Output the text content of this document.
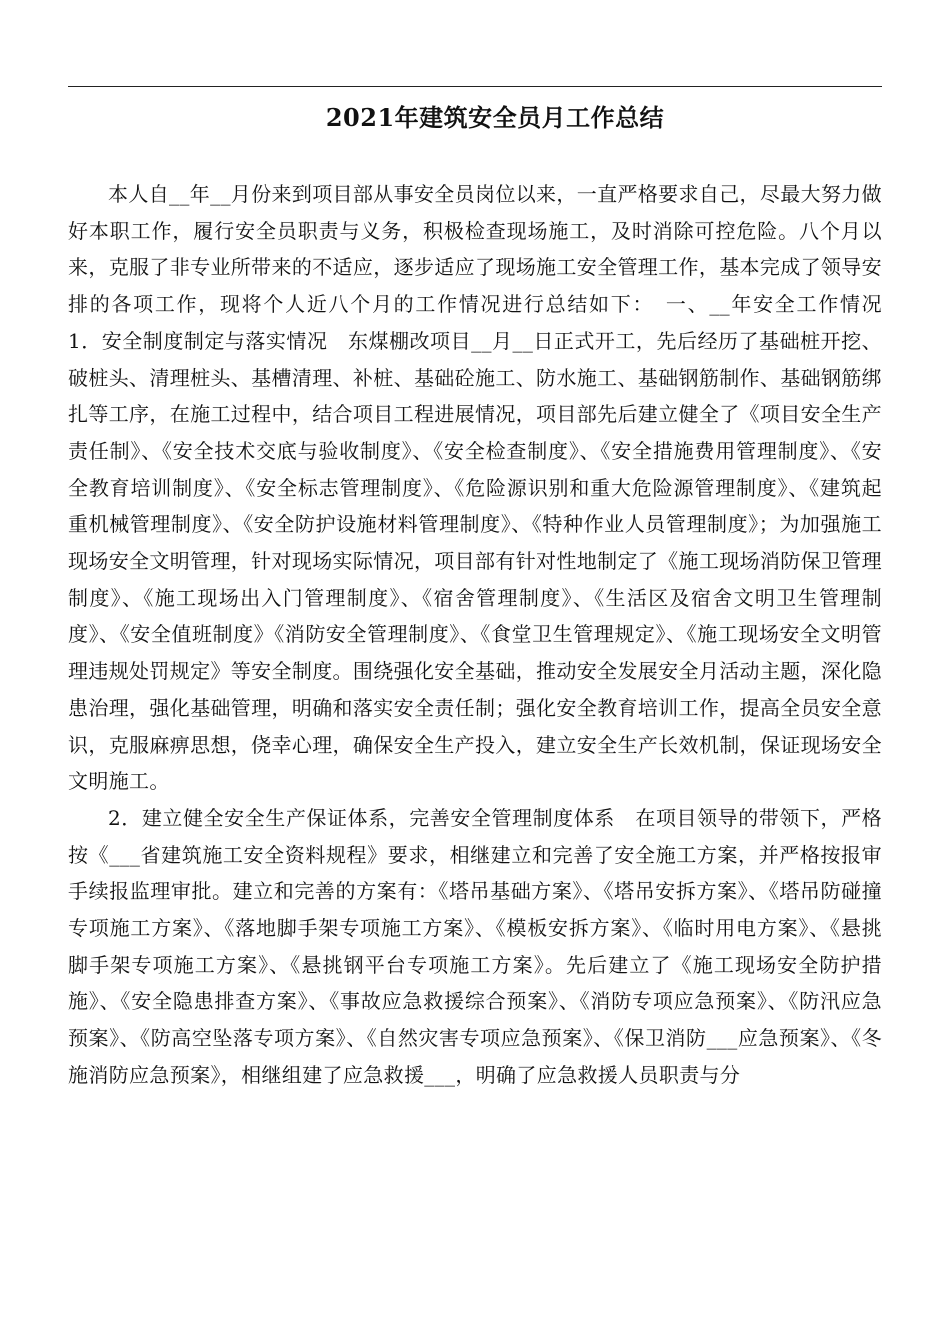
2021年建筑安全员月工作总结

本人自__年__月份来到项目部从事安全员岗位以来，一直严格要求自己，尽最大努力做好本职工作，履行安全员职责与义务，积极检查现场施工，及时消除可控危险。八个月以来，克服了非专业所带来的不适应，逐步适应了现场施工安全管理工作，基本完成了领导安排的各项工作，现将个人近八个月的工作情况进行总结如下：　一、__年安全工作情况　1．安全制度制定与落实情况　东煤棚改项目__月__日正式开工，先后经历了基础桩开挖、破桩头、清理桩头、基槽清理、补桩、基础砼施工、防水施工、基础钢筋制作、基础钢筋绑扎等工序，在施工过程中，结合项目工程进展情况，项目部先后建立健全了《项目安全生产责任制》、《安全技术交底与验收制度》、《安全检查制度》、《安全措施费用管理制度》、《安全教育培训制度》、《安全标志管理制度》、《危险源识别和重大危险源管理制度》、《建筑起重机械管理制度》、《安全防护设施材料管理制度》、《特种作业人员管理制度》；为加强施工现场安全文明管理，针对现场实际情况，项目部有针对性地制定了《施工现场消防保卫管理制度》、《施工现场出入门管理制度》、《宿舍管理制度》、《生活区及宿舍文明卫生管理制度》、《安全值班制度》《消防安全管理制度》、《食堂卫生管理规定》、《施工现场安全文明管理违规处罚规定》等安全制度。围绕强化安全基础，推动安全发展安全月活动主题，深化隐患治理，强化基础管理，明确和落实安全责任制；强化安全教育培训工作，提高全员安全意识，克服麻痹思想，侥幸心理，确保安全生产投入，建立安全生产长效机制，保证现场安全文明施工。

2．建立健全安全生产保证体系，完善安全管理制度体系　在项目领导的带领下，严格按《___省建筑施工安全资料规程》要求，相继建立和完善了安全施工方案，并严格按报审手续报监理审批。建立和完善的方案有：《塔吊基础方案》、《塔吊安拆方案》、《塔吊防碰撞专项施工方案》、《落地脚手架专项施工方案》、《模板安拆方案》、《临时用电方案》、《悬挑脚手架专项施工方案》、《悬挑钢平台专项施工方案》。先后建立了《施工现场安全防护措施》、《安全隐患排查方案》、《事故应急救援综合预案》、《消防专项应急预案》、《防汛应急预案》、《防高空坠落专项方案》、《自然灾害专项应急预案》、《保卫消防___应急预案》、《冬施消防应急预案》，相继组建了应急救援___，明确了应急救援人员职责与分
